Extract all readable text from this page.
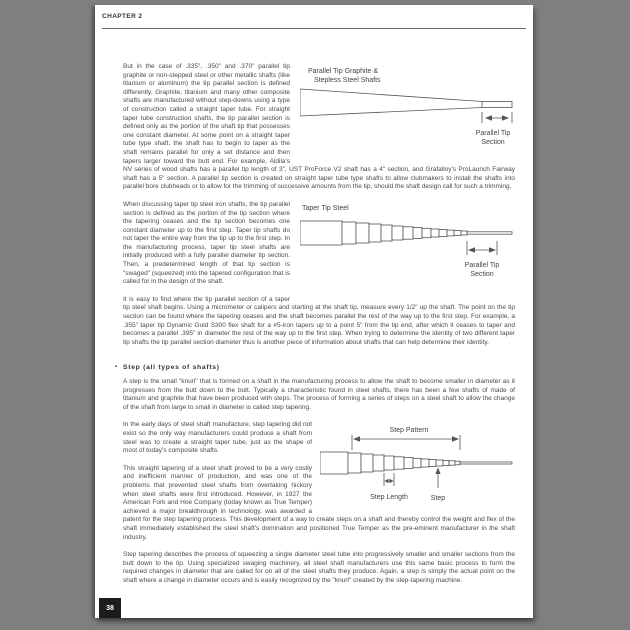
CHAPTER 2
Parallel Tip Graphite &
Stepless Steel Shafts
Parallel Tip
Section

But in the case of .335", .350" and .370" parallel tip graphite or non-stepped steel or other metallic shafts (like titanium or aluminum) the tip parallel section is defined differently. Graphite, titanium and many other composite shafts are manufactured without step-downs using a type of construction called a straight taper tube. For straight taper tube construction shafts, the tip parallel section is defined only as the portion of the shaft tip that possesses one constant diameter. At some point on a straight taper tube type shaft, the shaft has to begin to taper as the shaft remains parallel for only a set distance and then tapers larger toward the butt end. For example, Aldila's NV series of wood shafts has a parallel tip length of 3", UST ProForce V2 shaft has a 4" section, and Grafalloy's ProLaunch Fairway shaft has a 5" section. A parallel tip section is created on straight taper tube type shafts to allow clubmakers to install the shafts into parallel bore clubheads or to allow for the trimming of successive amounts from the tip, should the shaft design call for such a trimming.

Taper Tip Steel
Parallel Tip
Section

When discussing taper tip steel iron shafts, the tip parallel section is defined as the portion of the tip section where the tapering ceases and the tip section becomes one constant diameter up to the first step. Taper tip shafts do not taper the entire way from the tip up to the first step. In the manufacturing process, taper tip steel shafts are initially produced with a fully parallel diameter tip section. Then, a predetermined length of that tip section is "swaged" (squeezed) into the tapered configuration that is called for in the design of the shaft.

It is easy to find where the tip parallel section of a taper tip steel shaft begins. Using a micrometer or calipers and starting at the shaft tip, measure every 1/2" up the shaft. The point on the tip section can be found where the tapering ceases and the shaft becomes parallel the rest of the way up to the first step. For example, a .355" taper tip Dynamic Gold S300 flex shaft for a #5-iron tapers up to a point 5" from the tip end, after which it ceases to taper and becomes a parallel .395" in diameter the rest of the way up to the first step. When trying to determine the identity of two different taper tip shafts the tip parallel section diameter thus is another piece of information about shafts that can help determine their identity.

▪ Step (all types of shafts)

A step is the small "knurl" that is formed on a shaft in the manufacturing process to allow the shaft to become smaller in diameter as it progresses from the butt down to the butt. Typically a characteristic found in steel shafts, there has been a few shafts of made of titanium and graphite that have been produced with steps. The process of forming a series of steps on a steel shaft to allow the change of the shaft from large to small in diameter is called step tapering.

Step Pattern
Step Length	Step

In the early days of steel shaft manufacture, step tapering did not exist so the only way manufacturers could produce a shaft from steel was to create a straight taper tube, just as the shape of most of today's composite shafts.

This straight tapering of a steel shaft proved to be a very costly and inefficient manner of production, and was one of the problems that prevented steel shafts from overtaking hickory when steel shafts were first introduced. However, in 1927 the American Fork and Hoe Company (today known as True Temper) achieved a major breakthrough in technology, was awarded a patent for the step tapering process. This development of a way to create steps on a shaft and thereby control the weight and flex of the shaft immediately established the steel shaft's domination and positioned True Temper as the pre-eminent manufacturer in the shaft industry.

Step tapering describes the process of squeezing a single diameter steel tube into progressively smaller and smaller sections from the butt down to the tip. Using specialized swaging machinery, all steel shaft manufacturers use this same basic process to form the required changes in diameter that are called for on all of the steel shafts they produce. Again, a step is simply the actual point on the shaft where a change in diameter occurs and is easily recognized by the "knurl" created by the step-tapering machine.

38
